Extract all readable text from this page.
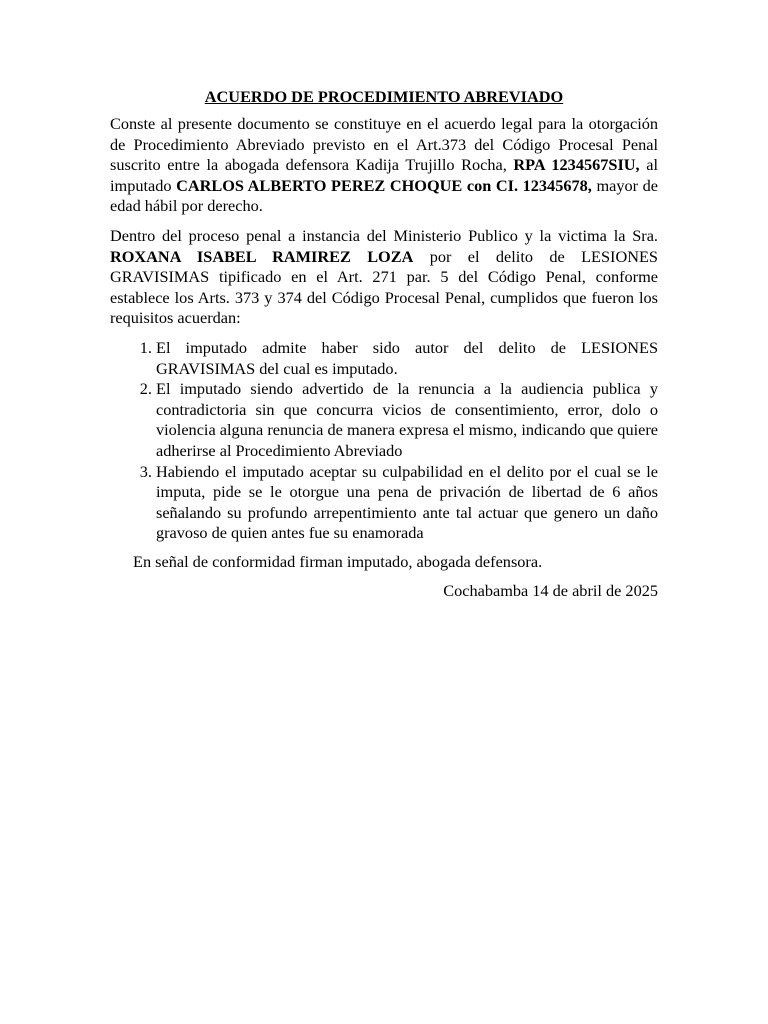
ACUERDO DE PROCEDIMIENTO ABREVIADO

Conste al presente documento se constituye en el acuerdo legal para la otorgación de Procedimiento Abreviado previsto en el Art.373 del Código Procesal Penal suscrito entre la abogada defensora Kadija Trujillo Rocha, RPA 1234567SIU, al imputado CARLOS ALBERTO PEREZ CHOQUE con CI. 12345678, mayor de edad hábil por derecho.

Dentro del proceso penal a instancia del Ministerio Publico y la victima la Sra. ROXANA ISABEL RAMIREZ LOZA por el delito de LESIONES GRAVISIMAS tipificado en el Art. 271 par. 5 del Código Penal, conforme establece los Arts. 373 y 374 del Código Procesal Penal, cumplidos que fueron los requisitos acuerdan:

1. El imputado admite haber sido autor del delito de LESIONES GRAVISIMAS del cual es imputado.
2. El imputado siendo advertido de la renuncia a la audiencia publica y contradictoria sin que concurra vicios de consentimiento, error, dolo o violencia alguna renuncia de manera expresa el mismo, indicando que quiere adherirse al Procedimiento Abreviado
3. Habiendo el imputado aceptar su culpabilidad en el delito por el cual se le imputa, pide se le otorgue una pena de privación de libertad de 6 años señalando su profundo arrepentimiento ante tal actuar que genero un daño gravoso de quien antes fue su enamorada

En señal de conformidad firman imputado, abogada defensora.

Cochabamba 14 de abril de 2025
